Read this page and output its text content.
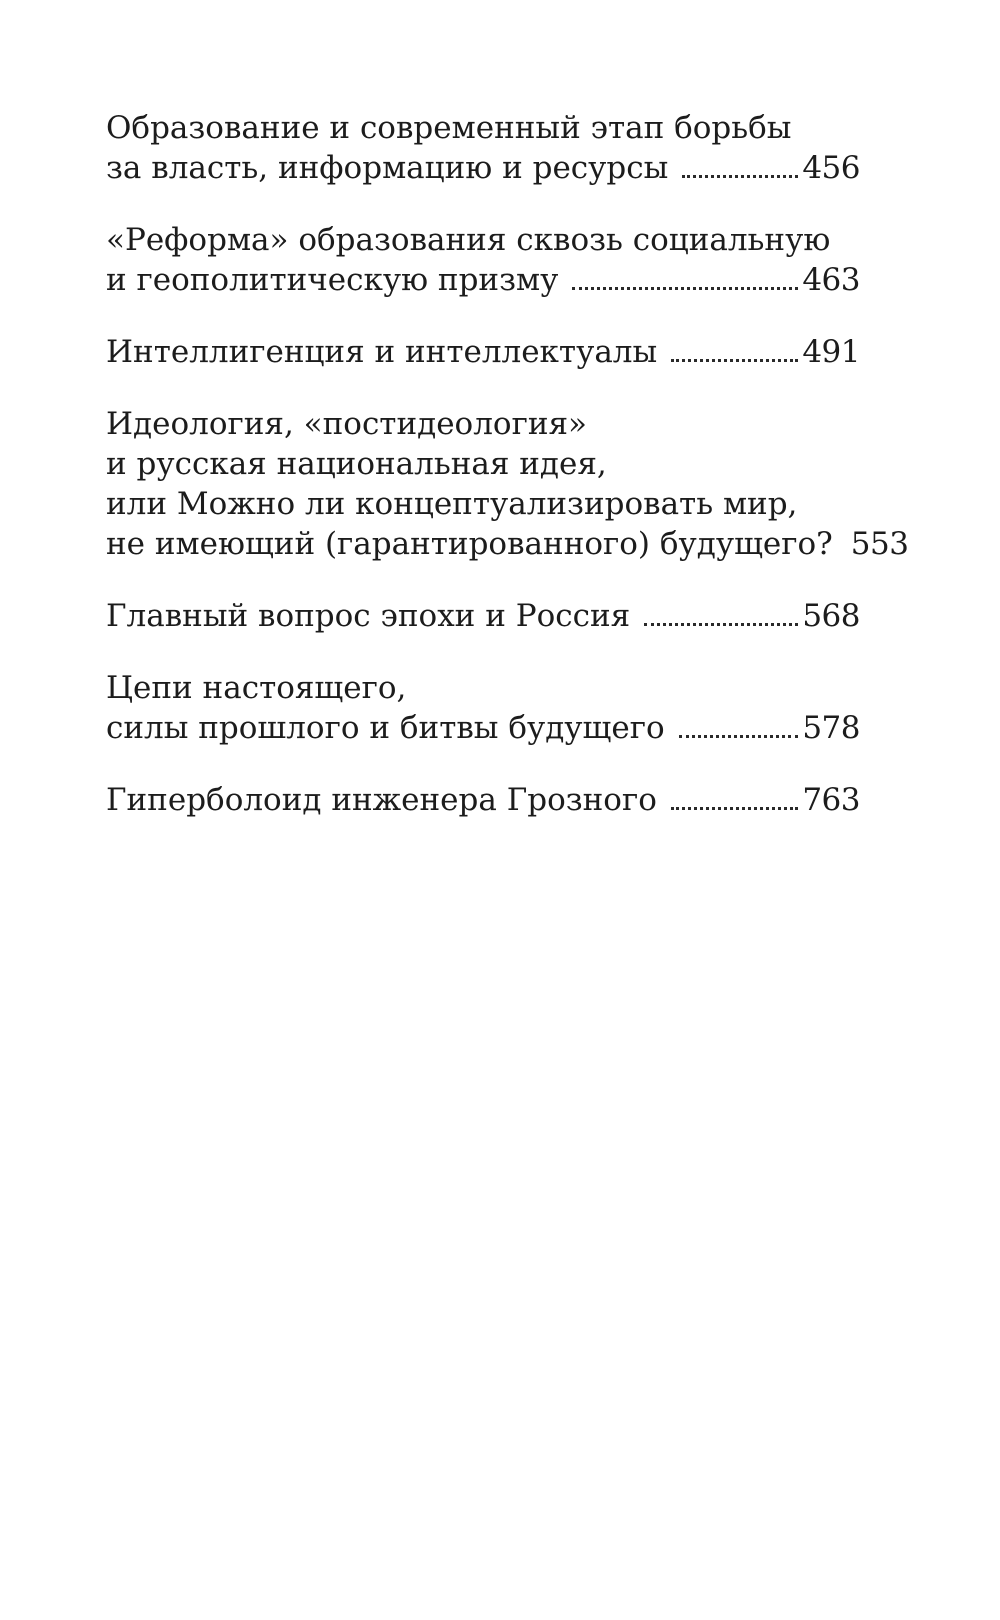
Образование и современный этап борьбы
за власть, информацию и ресурсы	456
«Реформа» образования сквозь социальную
и геополитическую призму	463
Интеллигенция и интеллектуалы	491
Идеология, «постидеология»
и русская национальная идея,
или Можно ли концептуализировать мир,
не имеющий (гарантированного) будущего? 553
Главный вопрос эпохи и Россия	568
Цепи настоящего,
силы прошлого и битвы будущего	578
Гиперболоид инженера Грозного	763
